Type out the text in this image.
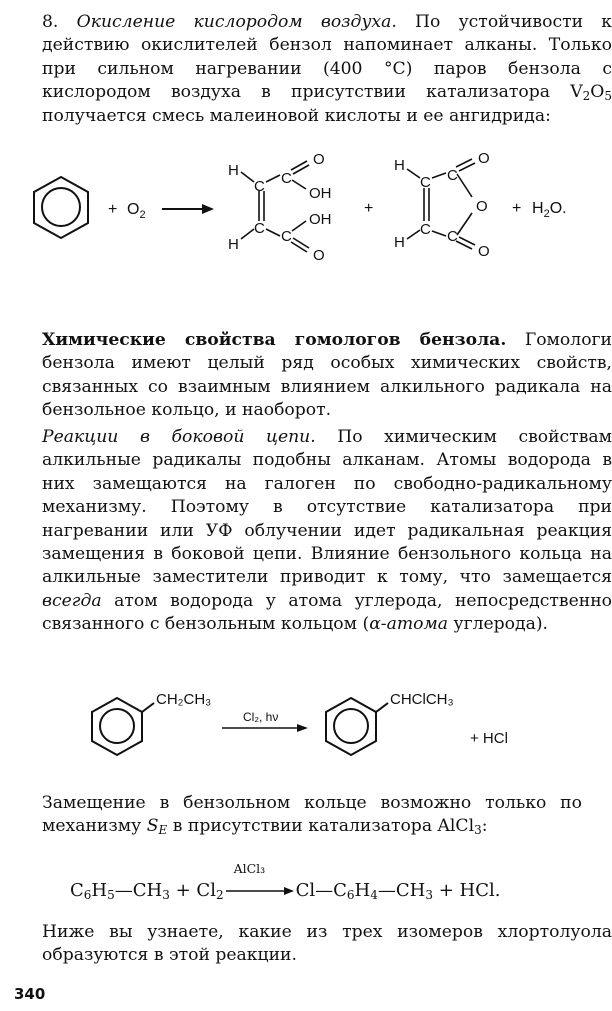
8. Окисление кислородом воздуха. По устойчивости к действию окислителей бензол напоминает алканы. Только при сильном нагревании (400 °C) паров бензола с кислородом воздуха в присутствии катализатора $V_2O_5$ получается смесь малеиновой кислоты и ее ангидрида:

+ $O_2$
H
H
C
C
C
C
O
OH
OH
O
+
H
H
C
C
C
C
O
O
O
+ $H_2O$.

Химические свойства гомологов бензола. Гомологи бензола имеют целый ряд особых химических свойств, связанных со взаимным влиянием алкильного радикала на бензольное кольцо, и наоборот.

Реакции в боковой цепи. По химическим свойствам алкильные радикалы подобны алканам. Атомы водорода в них замещаются на галоген по свободно-радикальному механизму. Поэтому в отсутствие катализатора при нагревании или УФ облучении идет радикальная реакция замещения в боковой цепи. Влияние бензольного кольца на алкильные заместители приводит к тому, что замещается всегда атом водорода у атома углерода, непосредственно связанного с бензольным кольцом (α-атома углерода).

CH₂CH₃
Cl₂, hν
CHClCH₃
+ HCl

Замещение в бензольном кольце возможно только по механизму $S_E$ в присутствии катализатора AlCl$_3$:

$C_6H_5—CH_3 + Cl_2$
AlCl₃
$Cl—C_6H_4—CH_3$ + HCl.

Ниже вы узнаете, какие из трех изомеров хлортолуола образуются в этой реакции.

340
